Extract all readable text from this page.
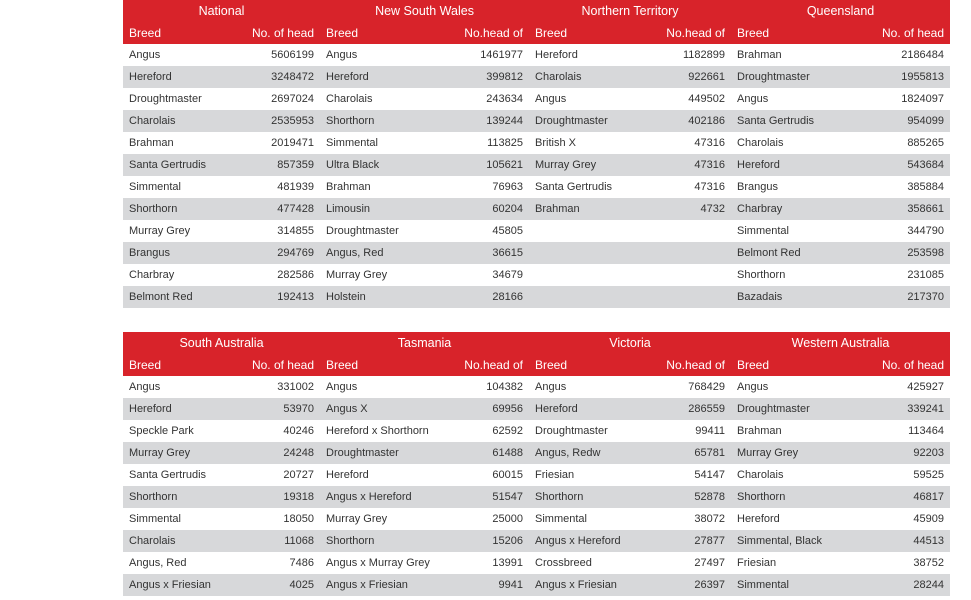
National		New South Wales		Northern Territory		Queensland	
Breed	No. of head	Breed	No.head of	Breed	No.head of	Breed	No. of head
Angus	5606199	Angus	1461977	Hereford	1182899	Brahman	2186484
Hereford	3248472	Hereford	399812	Charolais	922661	Droughtmaster	1955813
Droughtmaster	2697024	Charolais	243634	Angus	449502	Angus	1824097
Charolais	2535953	Shorthorn	139244	Droughtmaster	402186	Santa Gertrudis	954099
Brahman	2019471	Simmental	113825	British X	47316	Charolais	885265
Santa Gertrudis	857359	Ultra Black	105621	Murray Grey	47316	Hereford	543684
Simmental	481939	Brahman	76963	Santa Gertrudis	47316	Brangus	385884
Shorthorn	477428	Limousin	60204	Brahman	4732	Charbray	358661
Murray Grey	314855	Droughtmaster	45805			Simmental	344790
Brangus	294769	Angus, Red	36615			Belmont Red	253598
Charbray	282586	Murray Grey	34679			Shorthorn	231085
Belmont Red	192413	Holstein	28166			Bazadais	217370
South Australia		Tasmania		Victoria		Western Australia	
Breed	No. of head	Breed	No.head of	Breed	No.head of	Breed	No. of head
Angus	331002	Angus	104382	Angus	768429	Angus	425927
Hereford	53970	Angus X	69956	Hereford	286559	Droughtmaster	339241
Speckle Park	40246	Hereford x Shorthorn	62592	Droughtmaster	99411	Brahman	113464
Murray Grey	24248	Droughtmaster	61488	Angus, Redw	65781	Murray Grey	92203
Santa Gertrudis	20727	Hereford	60015	Friesian	54147	Charolais	59525
Shorthorn	19318	Angus x Hereford	51547	Shorthorn	52878	Shorthorn	46817
Simmental	18050	Murray Grey	25000	Simmental	38072	Hereford	45909
Charolais	11068	Shorthorn	15206	Angus x Hereford	27877	Simmental, Black	44513
Angus, Red	7486	Angus x Murray Grey	13991	Crossbreed	27497	Friesian	38752
Angus x Friesian	4025	Angus x Friesian	9941	Angus x Friesian	26397	Simmental	28244
